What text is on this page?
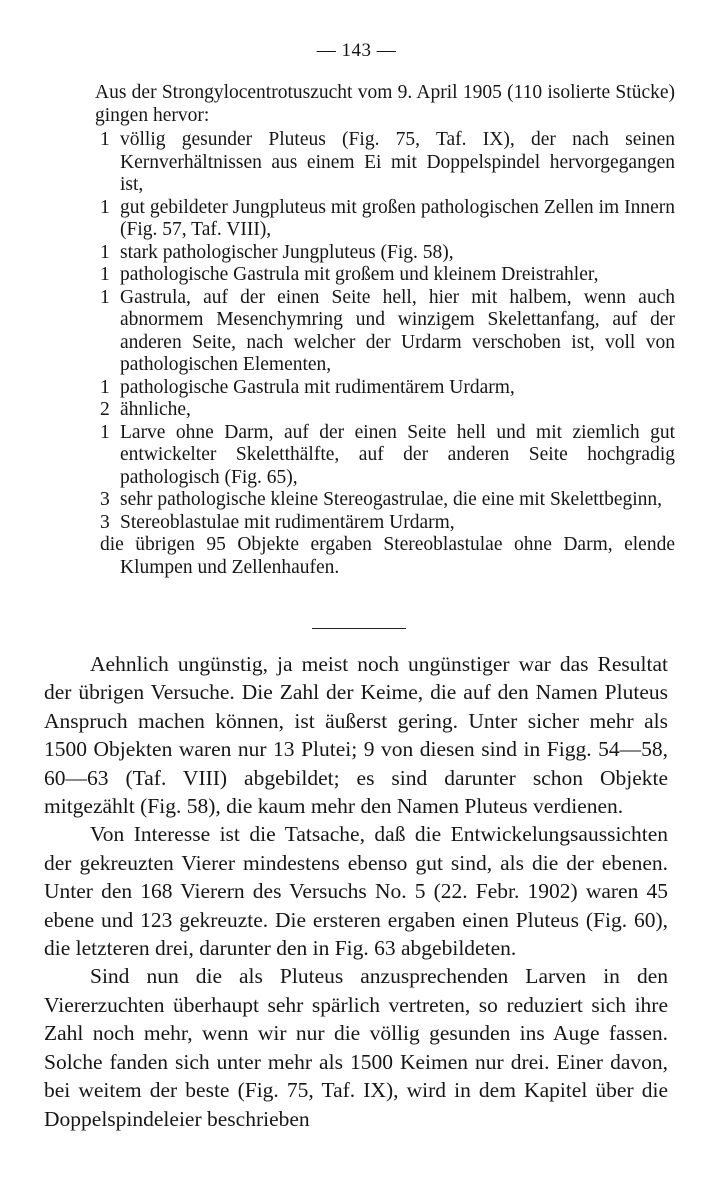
— 143 —

Aus der Strongylocentrotuszucht vom 9. April 1905 (110 isolierte Stücke) gingen hervor:

1 völlig gesunder Pluteus (Fig. 75, Taf. IX), der nach seinen Kernverhältnissen aus einem Ei mit Doppelspindel hervorgegangen ist,
1 gut gebildeter Jungpluteus mit großen pathologischen Zellen im Innern (Fig. 57, Taf. VIII),
1 stark pathologischer Jungpluteus (Fig. 58),
1 pathologische Gastrula mit großem und kleinem Dreistrahler,
1 Gastrula, auf der einen Seite hell, hier mit halbem, wenn auch abnormem Mesenchymring und winzigem Skelettanfang, auf der anderen Seite, nach welcher der Urdarm verschoben ist, voll von pathologischen Elementen,
1 pathologische Gastrula mit rudimentärem Urdarm,
2 ähnliche,
1 Larve ohne Darm, auf der einen Seite hell und mit ziemlich gut entwickelter Skeletthälfte, auf der anderen Seite hochgradig pathologisch (Fig. 65),
3 sehr pathologische kleine Stereogastrulae, die eine mit Skelettbeginn,
3 Stereoblastulae mit rudimentärem Urdarm,
die übrigen 95 Objekte ergaben Stereoblastulae ohne Darm, elende Klumpen und Zellenhaufen.

Aehnlich ungünstig, ja meist noch ungünstiger war das Resultat der übrigen Versuche. Die Zahl der Keime, die auf den Namen Pluteus Anspruch machen können, ist äußerst gering. Unter sicher mehr als 1500 Objekten waren nur 13 Plutei; 9 von diesen sind in Figg. 54—58, 60—63 (Taf. VIII) abgebildet; es sind darunter schon Objekte mitgezählt (Fig. 58), die kaum mehr den Namen Pluteus verdienen.

Von Interesse ist die Tatsache, daß die Entwickelungsaussichten der gekreuzten Vierer mindestens ebenso gut sind, als die der ebenen. Unter den 168 Vierern des Versuchs No. 5 (22. Febr. 1902) waren 45 ebene und 123 gekreuzte. Die ersteren ergaben einen Pluteus (Fig. 60), die letzteren drei, darunter den in Fig. 63 abgebildeten.

Sind nun die als Pluteus anzusprechenden Larven in den Viererzuchten überhaupt sehr spärlich vertreten, so reduziert sich ihre Zahl noch mehr, wenn wir nur die völlig gesunden ins Auge fassen. Solche fanden sich unter mehr als 1500 Keimen nur drei. Einer davon, bei weitem der beste (Fig. 75, Taf. IX), wird in dem Kapitel über die Doppelspindeleier beschrieben
